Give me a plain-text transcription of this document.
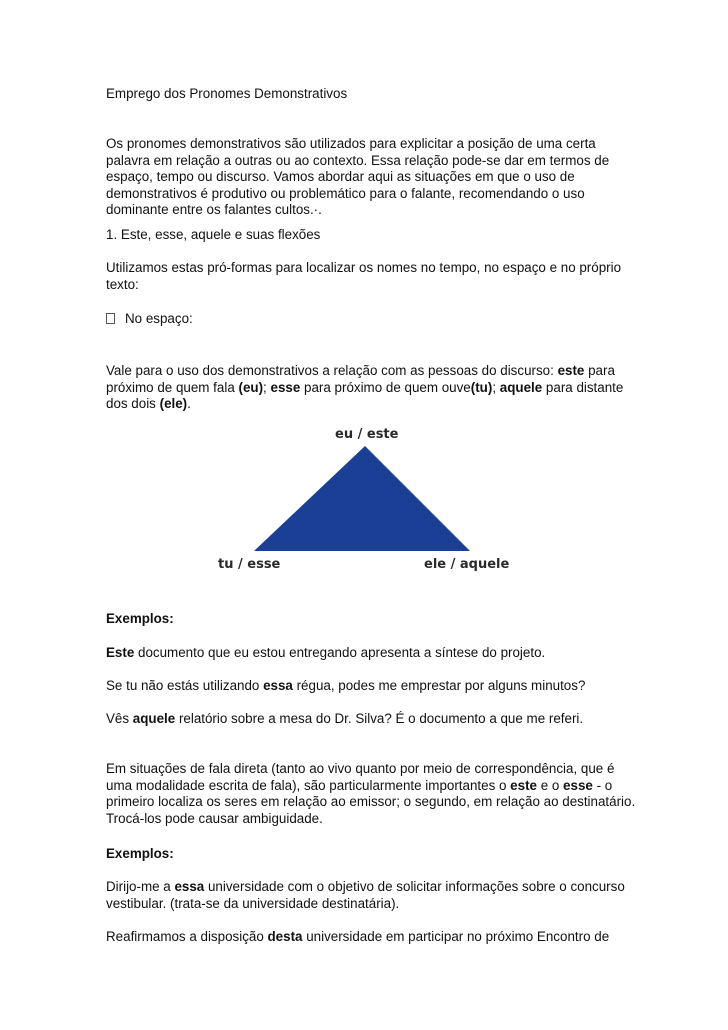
Emprego dos Pronomes Demonstrativos

Os pronomes demonstrativos são utilizados para explicitar a posição de uma certa palavra em relação a outras ou ao contexto. Essa relação pode-se dar em termos de espaço, tempo ou discurso. Vamos abordar aqui as situações em que o uso de demonstrativos é produtivo ou problemático para o falante, recomendando o uso dominante entre os falantes cultos.·.

1. Este, esse, aquele e suas flexões

Utilizamos estas pró-formas para localizar os nomes no tempo, no espaço e no próprio texto:

No espaço:

Vale para o uso dos demonstrativos a relação com as pessoas do discurso: este para próximo de quem fala (eu); esse para próximo de quem ouve(tu); aquele para distante dos dois (ele).

Exemplos:

Este documento que eu estou entregando apresenta a síntese do projeto.

Se tu não estás utilizando essa régua, podes me emprestar por alguns minutos?

Vês aquele relatório sobre a mesa do Dr. Silva? É o documento a que me referi.

Em situações de fala direta (tanto ao vivo quanto por meio de correspondência, que é uma modalidade escrita de fala), são particularmente importantes o este e o esse - o primeiro localiza os seres em relação ao emissor; o segundo, em relação ao destinatário. Trocá-los pode causar ambiguidade.

Exemplos:

Dirijo-me a essa universidade com o objetivo de solicitar informações sobre o concurso vestibular. (trata-se da universidade destinatária).

Reafirmamos a disposição desta universidade em participar no próximo Encontro de

eu / este
tu / esse	ele / aquele
